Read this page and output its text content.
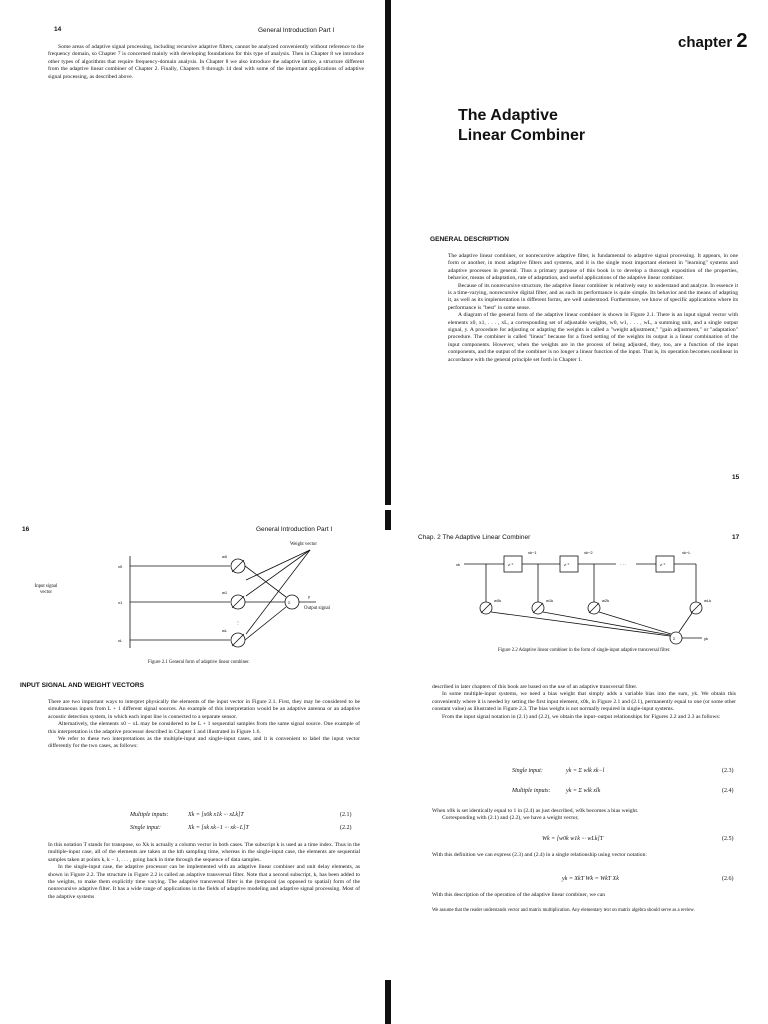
14	General Introduction Part I

Some areas of adaptive signal processing, including recursive adaptive filters, cannot be analyzed conveniently without reference to the frequency domain, so Chapter 7 is concerned mainly with developing foundations for this type of analysis. Then in Chapter 8 we introduce other types of algorithms that require frequency-domain analysis. In Chapter 8 we also introduce the adaptive lattice, a structure different from the adaptive linear combiner of Chapter 2. Finally, Chapters 9 through 14 deal with some of the important applications of adaptive signal processing, as described above.

chapter 2
The Adaptive
Linear Combiner
GENERAL DESCRIPTION

The adaptive linear combiner, or nonrecursive adaptive filter, is fundamental to adaptive signal processing. It appears, in one form or another, in most adaptive filters and systems, and it is the single most important element in "learning" systems and adaptive processes in general. Thus a primary purpose of this book is to develop a thorough exposition of the properties, behavior, means of adaptation, rate of adaptation, and useful applications of the adaptive linear combiner.

Because of its nonrecursive structure, the adaptive linear combiner is relatively easy to understand and analyze. In essence it is a time-varying, nonrecursive digital filter, and as such its performance is quite simple. Its behavior and the means of adapting it, as well as its implementation in different forms, are well understood. Furthermore, we know of specific applications where its performance is "best" in some sense.

A diagram of the general form of the adaptive linear combiner is shown in Figure 2.1. There is an input signal vector with elements x0, x1, . . . , xL, a corresponding set of adjustable weights, w0, w1, . . . , wL, a summing unit, and a single output signal, y. A procedure for adjusting or adapting the weights is called a "weight adjustment," "gain adjustment," or "adaptation" procedure. The combiner is called "linear" because for a fixed setting of the weights its output is a linear combination of the input components. However, when the weights are in the process of being adjusted, they, too, are a function of the input components, and the output of the combiner is no longer a linear function of the input. That is, its operation becomes nonlinear in accordance with the general principle set forth in Chapter 1.

15
16	General Introduction Part I
Σ
x0
x1
xL
w0
w1
wL
y
⋮
Input signal vector
Weight vector
Output signal
Figure 2.1 General form of adaptive linear combiner.
INPUT SIGNAL AND WEIGHT VECTORS

There are two important ways to interpret physically the elements of the input vector in Figure 2.1. First, they may be considered to be simultaneous inputs from L + 1 different signal sources. An example of this interpretation would be an adaptive antenna or an adaptive acoustic detection system, in which each input line is connected to a separate sensor.

Alternatively, the elements x0 − xL may be considered to be L + 1 sequential samples from the same signal source. One example of this interpretation is the adaptive processor described in Chapter 1 and illustrated in Figure 1.6.

We refer to these two interpretations as the multiple-input and single-input cases, and it is convenient to label the input vector differently for the two cases, as follows:

Multiple inputs:	Xk = [x0k x1k ··· xLk]T	(2.1)
Single input:	Xk = [xk xk−1 ··· xk−L]T	(2.2)

In this notation T stands for transpose, so Xk is actually a column vector in both cases. The subscript k is used as a time index. Thus in the multiple-input case, all of the elements are taken at the kth sampling time, whereas in the single-input case, the elements are sequential samples taken at points k, k − 1, . . . , going back in time through the sequence of data samples.

In the single-input case, the adaptive processor can be implemented with an adaptive linear combiner and unit delay elements, as shown in Figure 2.2. The structure in Figure 2.2 is called an adaptive transversal filter. Note that a second subscript, k, has been added to the weights, to make them explicitly time varying. The adaptive transversal filter is the (temporal (as opposed to spatial) form of the nonrecursive adaptive filter. It has a wide range of applications in the fields of adaptive modeling and adaptive signal processing. Most of the adaptive systems

Chap. 2 The Adaptive Linear Combiner	17
xk	z⁻¹	z⁻¹	z⁻¹
· · ·
xk−1	xk−2	xk−L
w0k	w1k	w2k	wLk
Σ	yk
Figure 2.2 Adaptive linear combiner in the form of single-input adaptive transversal filter.

described in later chapters of this book are based on the use of an adaptive transversal filter.

In some multiple-input systems, we need a bias weight that simply adds a variable bias into the sum, yk. We obtain this conveniently where it is needed by setting the first input element, x0k, in Figure 2.1 and (2.1), permanently equal to one (or some other constant value) as illustrated in Figure 2.3. The bias weight is not normally required in single-input systems.

From the input signal notation in (2.1) and (2.2), we obtain the input–output relationships for Figures 2.2 and 2.3 as follows:

Single input:	yk = Σ wlk xk−l	(2.3)
Multiple inputs:	yk = Σ wlk xlk	(2.4)

When x0k is set identically equal to 1 in (2.4) as just described, w0k becomes a bias weight.

Corresponding with (2.1) and (2.2), we have a weight vector,

Wk = [w0k w1k ··· wLk]T	(2.5)

With this definition we can express (2.3) and (2.4) in a single relationship using vector notation:

yk = XkT Wk = WkT Xk	(2.6)

With this description of the operation of the adaptive linear combiner, we can

We assume that the reader understands vector and matrix multiplication. Any elementary text on matrix algebra should serve as a review.
